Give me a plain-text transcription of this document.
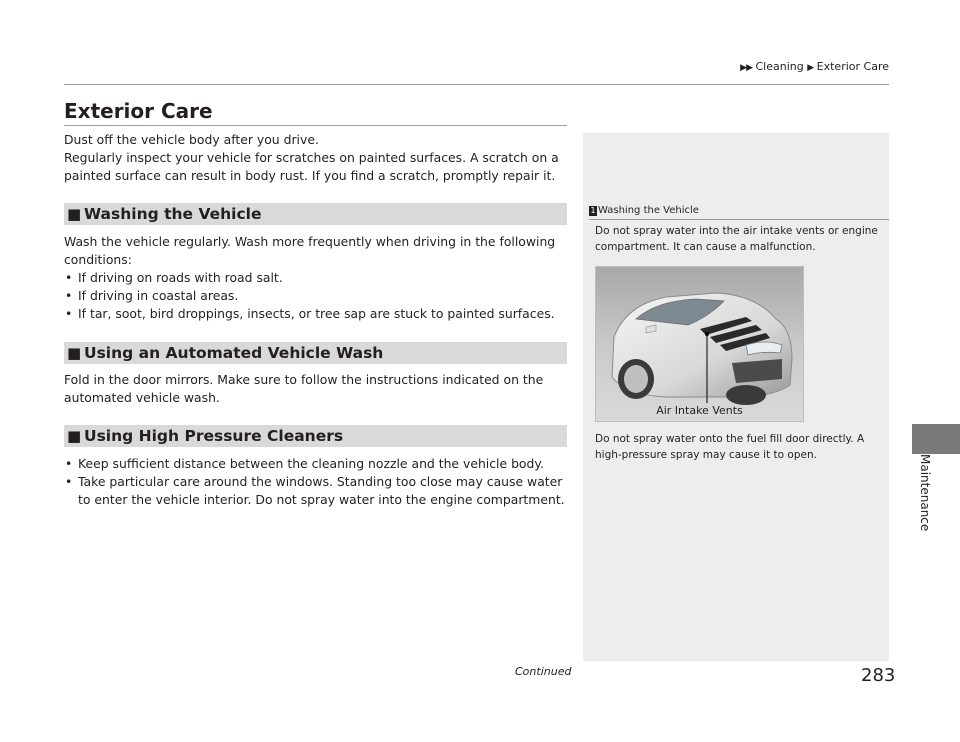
▶▶ Cleaning ▶ Exterior Care
Exterior Care
Dust off the vehicle body after you drive.
Regularly inspect your vehicle for scratches on painted surfaces. A scratch on a painted surface can result in body rust. If you find a scratch, promptly repair it.
■ Washing the Vehicle
Wash the vehicle regularly. Wash more frequently when driving in the following conditions:
• If driving on roads with road salt.
• If driving in coastal areas.
• If tar, soot, bird droppings, insects, or tree sap are stuck to painted surfaces.
■ Using an Automated Vehicle Wash
Fold in the door mirrors. Make sure to follow the instructions indicated on the automated vehicle wash.
■ Using High Pressure Cleaners
• Keep sufficient distance between the cleaning nozzle and the vehicle body.
• Take particular care around the windows. Standing too close may cause water to enter the vehicle interior. Do not spray water into the engine compartment.
1 Washing the Vehicle
Do not spray water into the air intake vents or engine compartment. It can cause a malfunction.
Air Intake Vents
Do not spray water onto the fuel fill door directly. A high-pressure spray may cause it to open.	Maintenance
Continued	283
